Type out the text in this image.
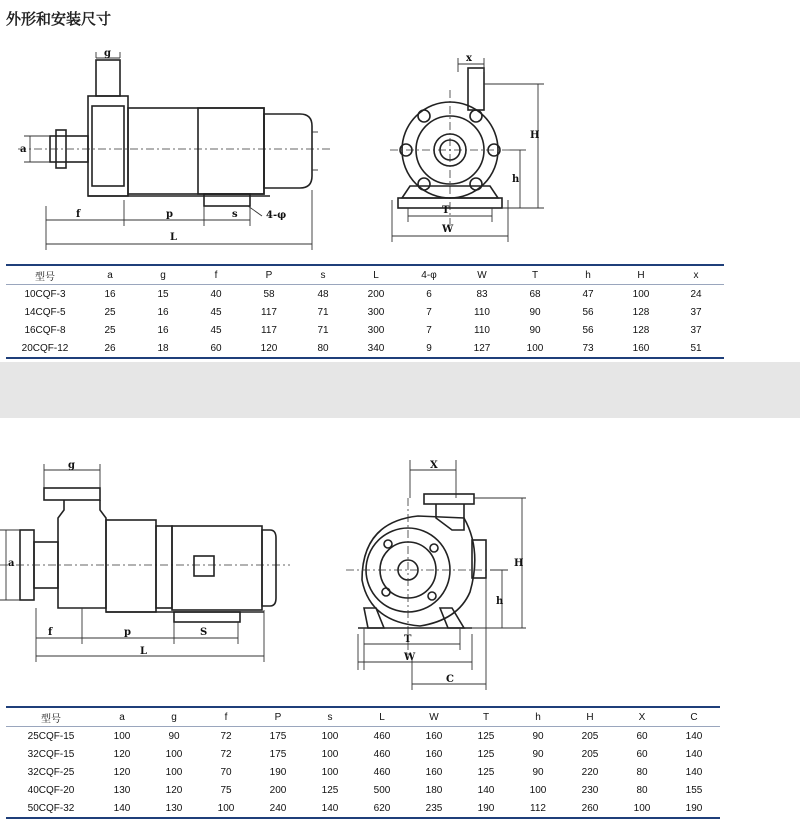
外形和安装尺寸
g
a
f	p	s	4-φ
L
x
H
h
T
W
型号	a	g	f	P	s	L	4-φ	W	T	h	H	x
10CQF-3	16	15	40	58	48	200	6	83	68	47	100	24
14CQF-5	25	16	45	117	71	300	7	110	90	56	128	37
16CQF-8	25	16	45	117	71	300	7	110	90	56	128	37
20CQF-12	26	18	60	120	80	340	9	127	100	73	160	51
g
a
f	p	S
L
X
H
h
T
W
C
型号	a	g	f	P	s	L	W	T	h	H	X	C
25CQF-15	100	90	72	175	100	460	160	125	90	205	60	140
32CQF-15	120	100	72	175	100	460	160	125	90	205	60	140
32CQF-25	120	100	70	190	100	460	160	125	90	220	80	140
40CQF-20	130	120	75	200	125	500	180	140	100	230	80	155
50CQF-32	140	130	100	240	140	620	235	190	112	260	100	190
